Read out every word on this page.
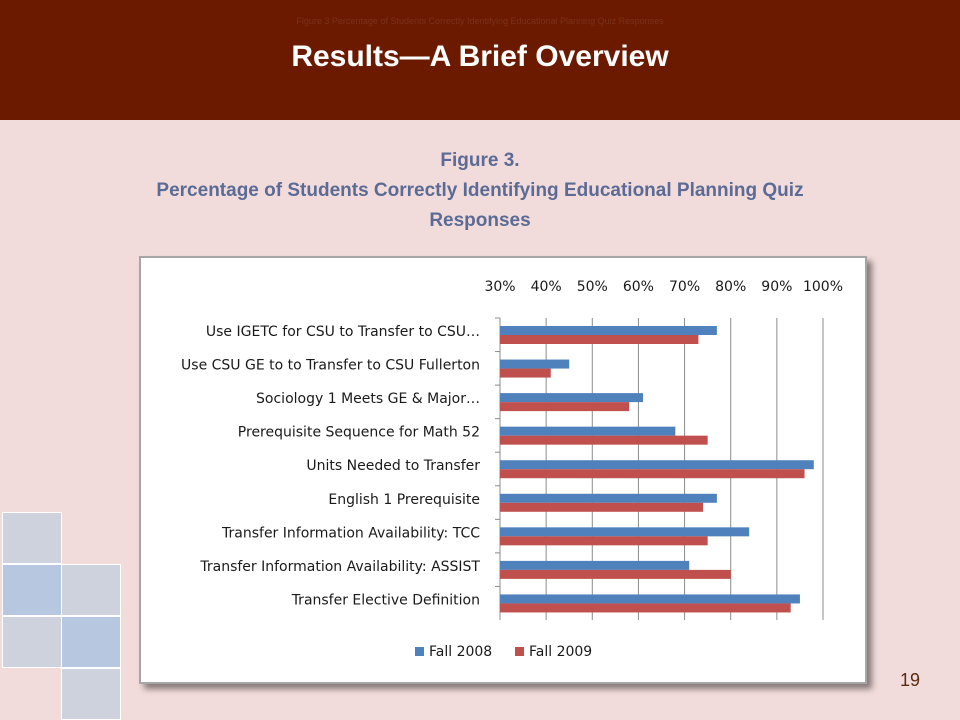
Figure 3 Percentage of Students Correctly Identifying Educational Planning Quiz Responses
Results—A Brief Overview
Figure 3.
Percentage of Students Correctly Identifying Educational Planning Quiz
Responses
30% 40% 50% 60% 70% 80% 90% 100%
Use IGETC for CSU to Transfer to CSU…
Use CSU GE to to Transfer to CSU Fullerton
Sociology 1 Meets GE & Major…
Prerequisite Sequence for Math 52
Units Needed to Transfer
English 1 Prerequisite
Transfer Information Availability: TCC
Transfer Information Availability: ASSIST
Transfer Elective Definition
Fall 2008	Fall 2009
19
